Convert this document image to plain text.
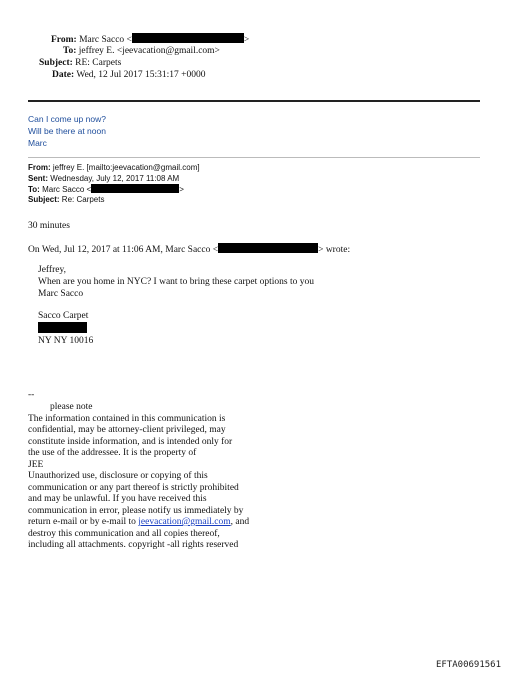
From: Marc Sacco <	>
To: jeffrey E. <jeevacation@gmail.com>
Subject: RE: Carpets
Date: Wed, 12 Jul 2017 15:31:17 +0000
Can I come up now?
Will be there at noon
Marc
From: jeffrey E. [mailto:jeevacation@gmail.com]
Sent: Wednesday, July 12, 2017 11:08 AM
To: Marc Sacco <	>
Subject: Re: Carpets
30 minutes
On Wed, Jul 12, 2017 at 11:06 AM, Marc Sacco <	> wrote:
Jeffrey,
When are you home in NYC? I want to bring these carpet options to you
Marc Sacco
Sacco Carpet
NY NY 10016
--
please note
The information contained in this communication is
confidential, may be attorney-client privileged, may
constitute inside information, and is intended only for
the use of the addressee. It is the property of
JEE
Unauthorized use, disclosure or copying of this
communication or any part thereof is strictly prohibited
and may be unlawful. If you have received this
communication in error, please notify us immediately by
return e-mail or by e-mail to jeevacation@gmail.com, and
destroy this communication and all copies thereof,
including all attachments. copyright -all rights reserved
EFTA00691561
